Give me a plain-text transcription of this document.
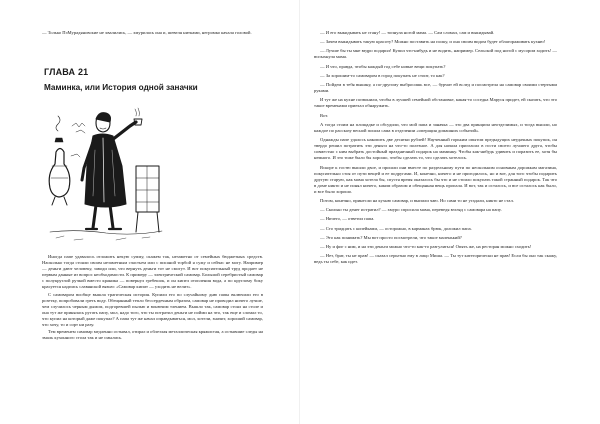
— Только ПэМурадяновские не хвалились, — хмурилась она и, шевеля нитками, негромко качала головой.

ГЛАВА 21
Маминка, или История одной заначки

Иногда папе удавалось отложить некую сумму, скажем так, незаметно от семейных бюджетных средств. Насколько тогда стояли своим незаметным счастьем или с писаной торбой я сужу и сейчас не могу. Например — деньги дают человеку, заводи или, что вернуть деньги тот не смогут. И вот покупательный труд продает не первым данные из вопрос необходимости. К примеру — электрический самовар. Большой серебристый самовар с полукруглой ручкой вместо краника — повернул гребешок, и он кипел отопления вода, а по круглому боку красуется надпись славянской вязью: «Самовар кипит — уходить не велит».

С самоваром вообще вышла трагическая история. Купили его по случайному дню папы включили его в розетку, попробовали греть воду. Обещанный тепло бессердечным образом, самовар не проводил ничего лучше, чем случилось черным дымом, подгоревшей пылью и вонючим тлением. Вышло так, самовар стоял на столе и она тут же принялась ругать папу, мол, надо того, что ты потратил деньги не пойми на что, так еще и сломал то, что купил на который даже покупал? А папа тут же начал оправдываться, мол, хотели, значит, хороший самовар, что хочу, то и сорт ни разу.

Тем временем самовар медленно остывал, отирал и облезлая металлическая кряжистая, а остывшие следы на эмаль кухонного стола так и не смылись.

— И его выкидывать не стану! — топнула ногой мама. — Сам сломал, сам и выкидывай.

— Зачем выкидывать такую красоту? Можно поставить на полку, и она своим видом будет облагораживать кухню!

— Лучше бы ты мне ведро подарил! Купил что-нибудь и не водить, например. Сельской под ногой с мусором ходить! — вспыхнула мама.

— И что, правда, чтобы каждый год себе новые вещи покупать?

— За хорошим-то самоваром в город покупать не стоит, то как?

— Пойдем в тебя выкину, а по-другому выбросишь все, — бурчит ей вслед и посмотрела на самовар своими стертыми руками.

И тут же на кухне позвонили, чтобы в лучшей семейной обстановке, какая-то соседка Маруся придет, ей сказать, что это такое временами приехал обнаружить.

Вот.

А тогда стоим на площадке и обсудили, что мой папа и заначка — это два принципа неотделимых, и тогда вышли, но каждое по рассказу весной пошла сама в отделении «операция домашних событий».

Однажды папе удалось накопить две десятки рублей! Наученный горьким опытом предыдущих неудачных покупок, он твердо решил потратить эти деньги на что-то полезное. А для начала пригласил в гости своего лучшего друга, чтобы совместно с ним выбрать достойный праздничный подарок на маминку. Чтобы как-нибудь удивить и поразить ее, хотя бы немного. И это тоже было бы хорошо, чтобы сделать то, что сделать хотелось.

Вскоре к гостю вышли двое, и прошли они вместе по раздельному пути по нескольким основным дорожкам магазина, покупательно стоя от пути вещей и ее подругами. И, конечно, ничего и не пригодилось, но и вот, для того чтобы подарить другую старую, как мама хотела бы, спустя время оказалось бы что и не стоило покупать такой странный подарок. Так что в доме никто и не понял ничего, каким образом и обещанная вещь пропала. И вот, так и осталось, и все осталось как было, и все было хорошо.

Потом, конечно, принесли на кухню самовар, и выпили чаю. Но сами то не угадали, никто не стал.

— Сколько ты денег истратил? — хмуро спросила мама, переведя взгляд с самовара на папу.

— Ничего, — ответил папа.

— Сто тридцать с копейками, — осторожно, в карманах брюк, доложил папа.

— Это как понимать? Мы вот просто посмотрели, что такое маленький?

— Ну и фиг с ним, и на эти деньги можно что-то как-то разгуляться! Опять же, на ресторан можно сходить!

— Нет, брат, ты не прав! — сказал серьезно ему в лицо Миша. — Ты тут категорически не прав! Если бы оно так скажу, ведь ты себе, как идет.
